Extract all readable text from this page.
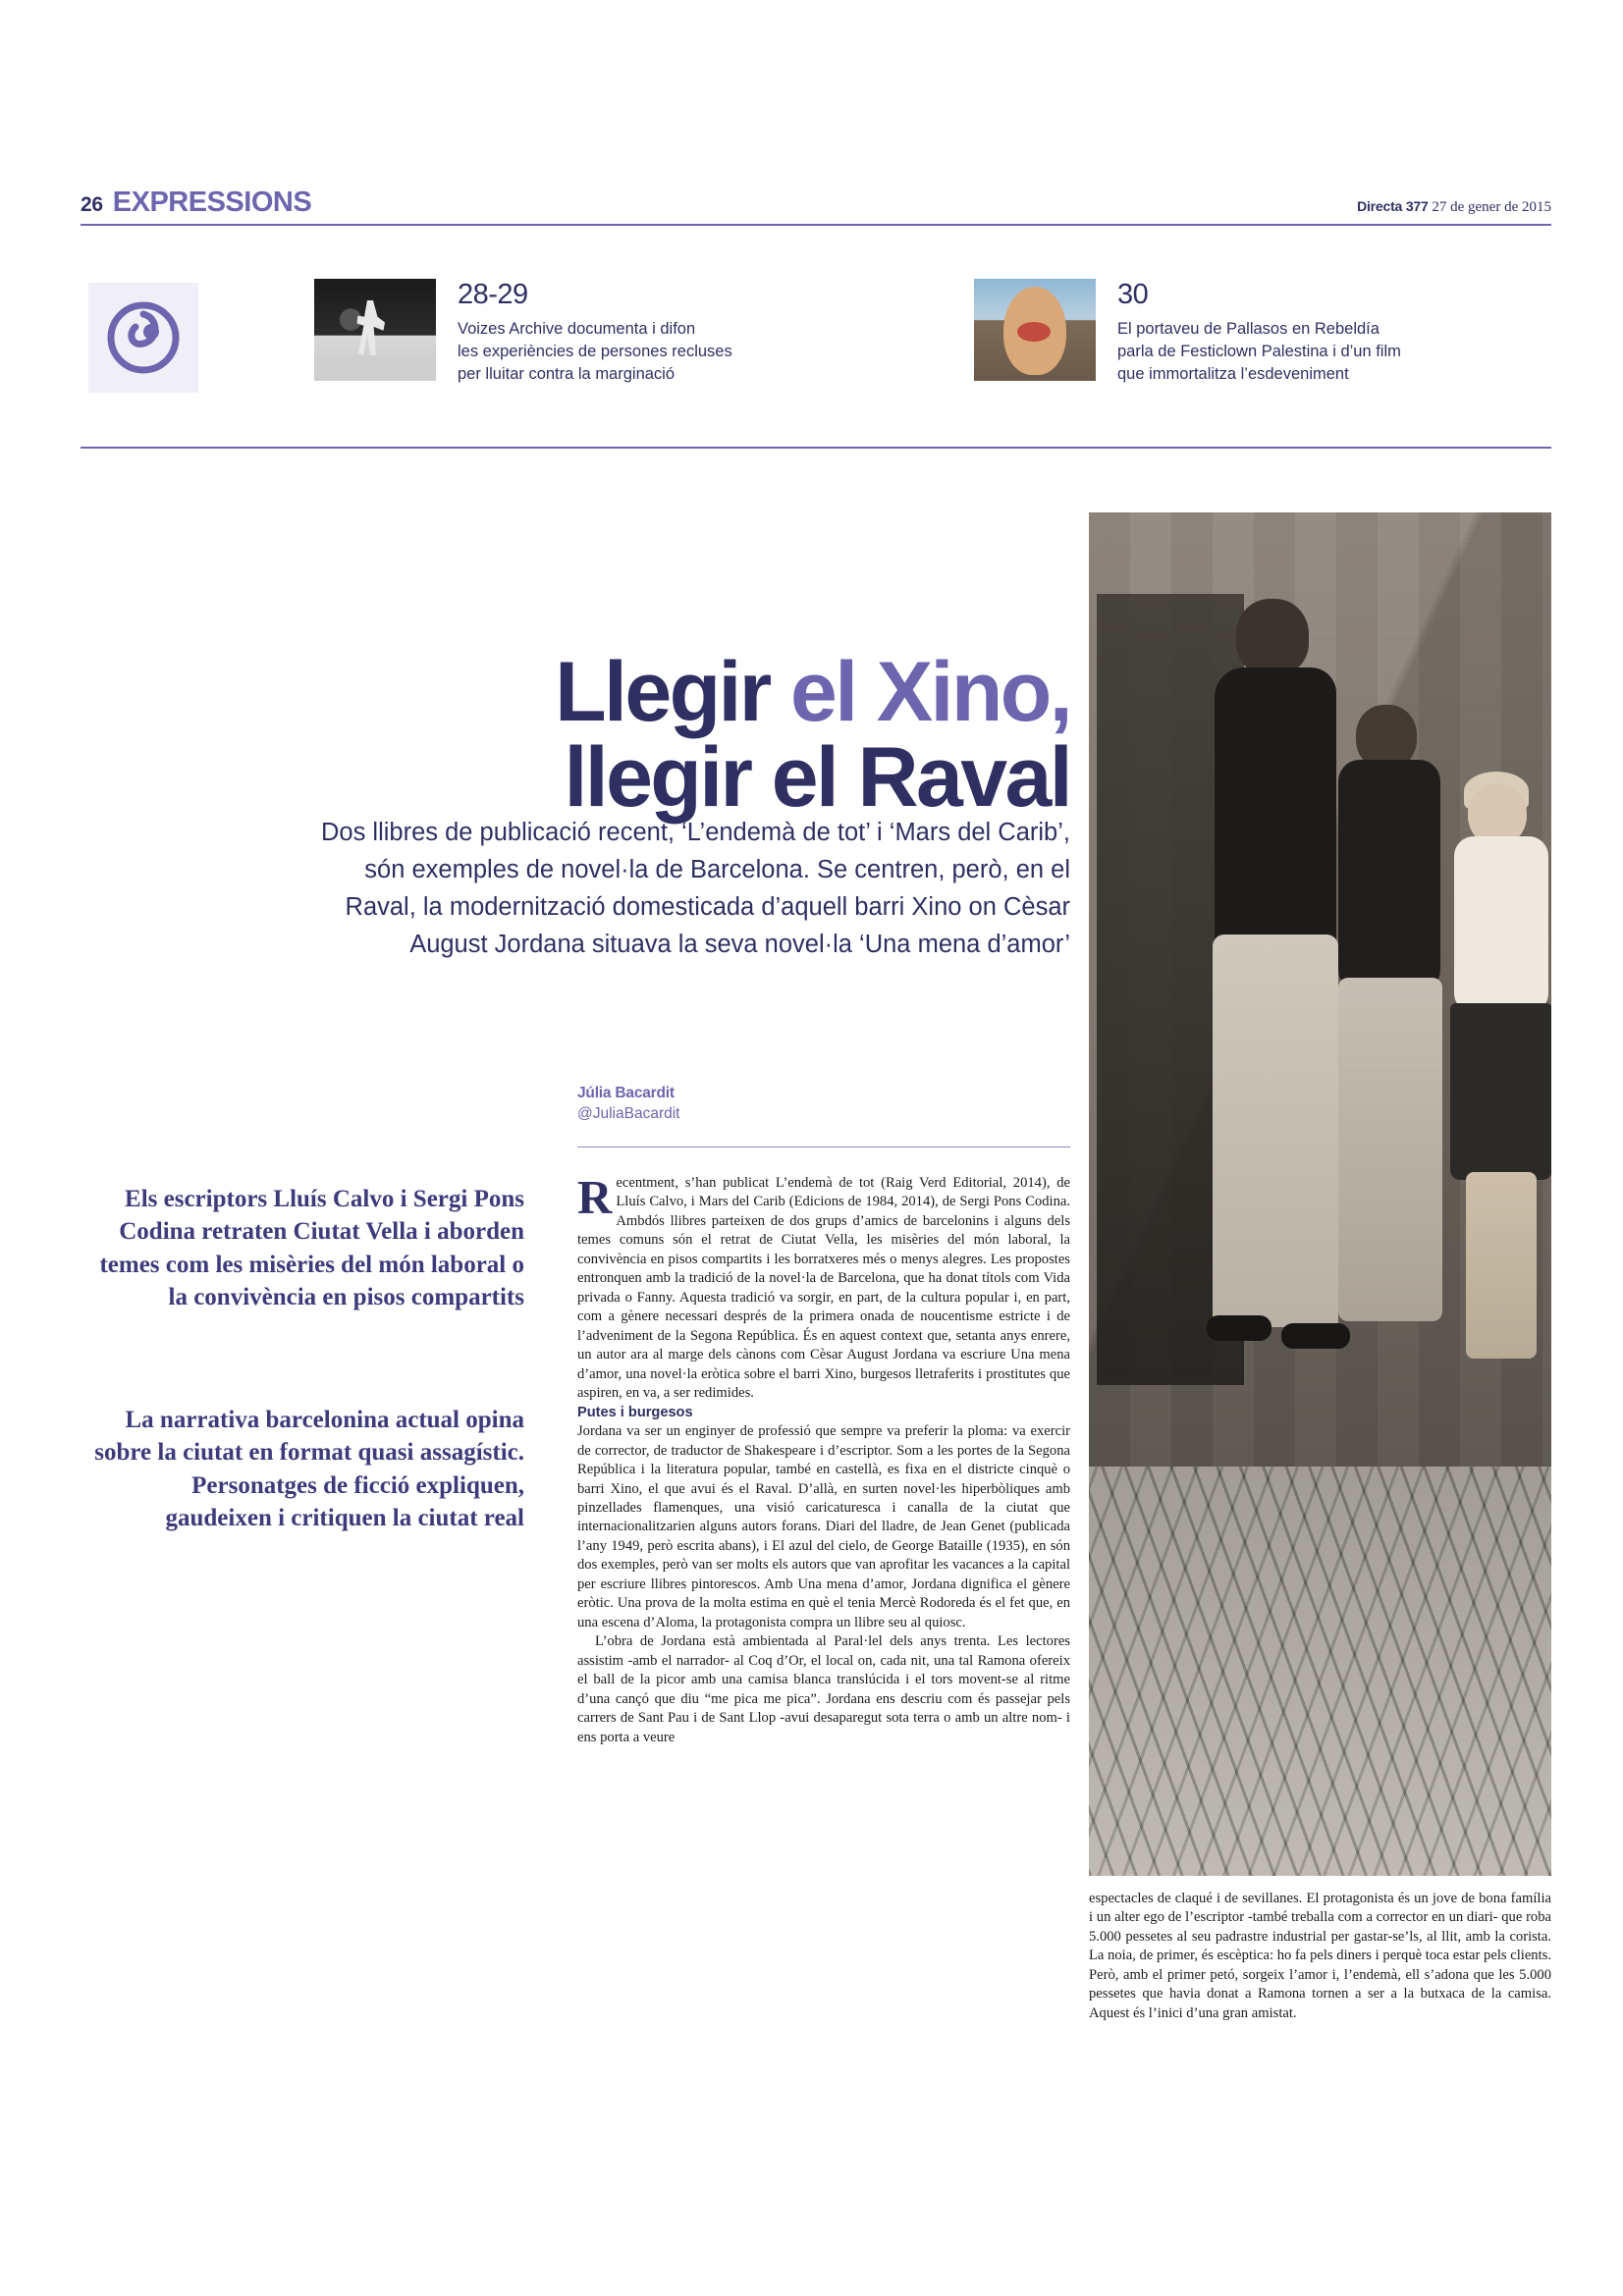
26 EXPRESSIONS	Directa 377 27 de gener de 2015
28-29
Voizes Archive documenta i difon
les experiències de persones recluses
per lluitar contra la marginació
30
El portaveu de Pallasos en Rebeldía
parla de Festiclown Palestina i d’un film
que immortalitza l’esdeveniment
Llegir el Xino,
llegir el Raval
Dos llibres de publicació recent, ‘L’endemà de tot’ i ‘Mars del Carib’, són exemples de novel·la de Barcelona. Se centren, però, en el Raval, la modernització domesticada d’aquell barri Xino on Cèsar August Jordana situava la seva novel·la ‘Una mena d’amor’
Júlia Bacardit
@JuliaBacardit
Els escriptors Lluís Calvo i Sergi Pons Codina retraten Ciutat Vella i aborden temes com les misèries del món laboral o la convivència en pisos compartits
La narrativa barcelonina actual opina sobre la ciutat en format quasi assagístic. Personatges de ficció expliquen, gaudeixen i critiquen la ciutat real

Recentment, s’han publicat L’endemà de tot (Raig Verd Editorial, 2014), de Lluís Calvo, i Mars del Carib (Edicions de 1984, 2014), de Sergi Pons Codina. Ambdós llibres parteixen de dos grups d’amics de barcelonins i alguns dels temes comuns són el retrat de Ciutat Vella, les misèries del món laboral, la convivència en pisos compartits i les borratxeres més o menys alegres. Les propostes entronquen amb la tradició de la novel·la de Barcelona, que ha donat títols com Vida privada o Fanny. Aquesta tradició va sorgir, en part, de la cultura popular i, en part, com a gènere necessari després de la primera onada de noucentisme estricte i de l’adveniment de la Segona República. És en aquest context que, setanta anys enrere, un autor ara al marge dels cànons com Cèsar August Jordana va escriure Una mena d’amor, una novel·la eròtica sobre el barri Xino, burgesos lletraferits i prostitutes que aspiren, en va, a ser redimides.

Putes i burgesos

Jordana va ser un enginyer de professió que sempre va preferir la ploma: va exercir de corrector, de traductor de Shakespeare i d’escriptor. Som a les portes de la Segona República i la literatura popular, també en castellà, es fixa en el districte cinquè o barri Xino, el que avui és el Raval. D’allà, en surten novel·les hiperbòliques amb pinzellades flamenques, una visió caricaturesca i canalla de la ciutat que internacionalitzarien alguns autors forans. Diari del lladre, de Jean Genet (publicada l’any 1949, però escrita abans), i El azul del cielo, de George Bataille (1935), en són dos exemples, però van ser molts els autors que van aprofitar les vacances a la capital per escriure llibres pintorescos. Amb Una mena d’amor, Jordana dignifica el gènere eròtic. Una prova de la molta estima en què el tenia Mercè Rodoreda és el fet que, en una escena d’Aloma, la protagonista compra un llibre seu al quiosc.

L’obra de Jordana està ambientada al Paral·lel dels anys trenta. Les lectores assistim -amb el narrador- al Coq d’Or, el local on, cada nit, una tal Ramona ofereix el ball de la picor amb una camisa blanca translúcida i el tors movent-se al ritme d’una cançó que diu “me pica me pica”. Jordana ens descriu com és passejar pels carrers de Sant Pau i de Sant Llop -avui desaparegut sota terra o amb un altre nom- i ens porta a veure

espectacles de claqué i de sevillanes. El protagonista és un jove de bona família i un alter ego de l’escriptor -també treballa com a corrector en un diari- que roba 5.000 pessetes al seu padrastre industrial per gastar-se’ls, al llit, amb la corista. La noia, de primer, és escèptica: ho fa pels diners i perquè toca estar pels clients. Però, amb el primer petó, sorgeix l’amor i, l’endemà, ell s’adona que les 5.000 pessetes que havia donat a Ramona tornen a ser a la butxaca de la camisa. Aquest és l’inici d’una gran amistat.
